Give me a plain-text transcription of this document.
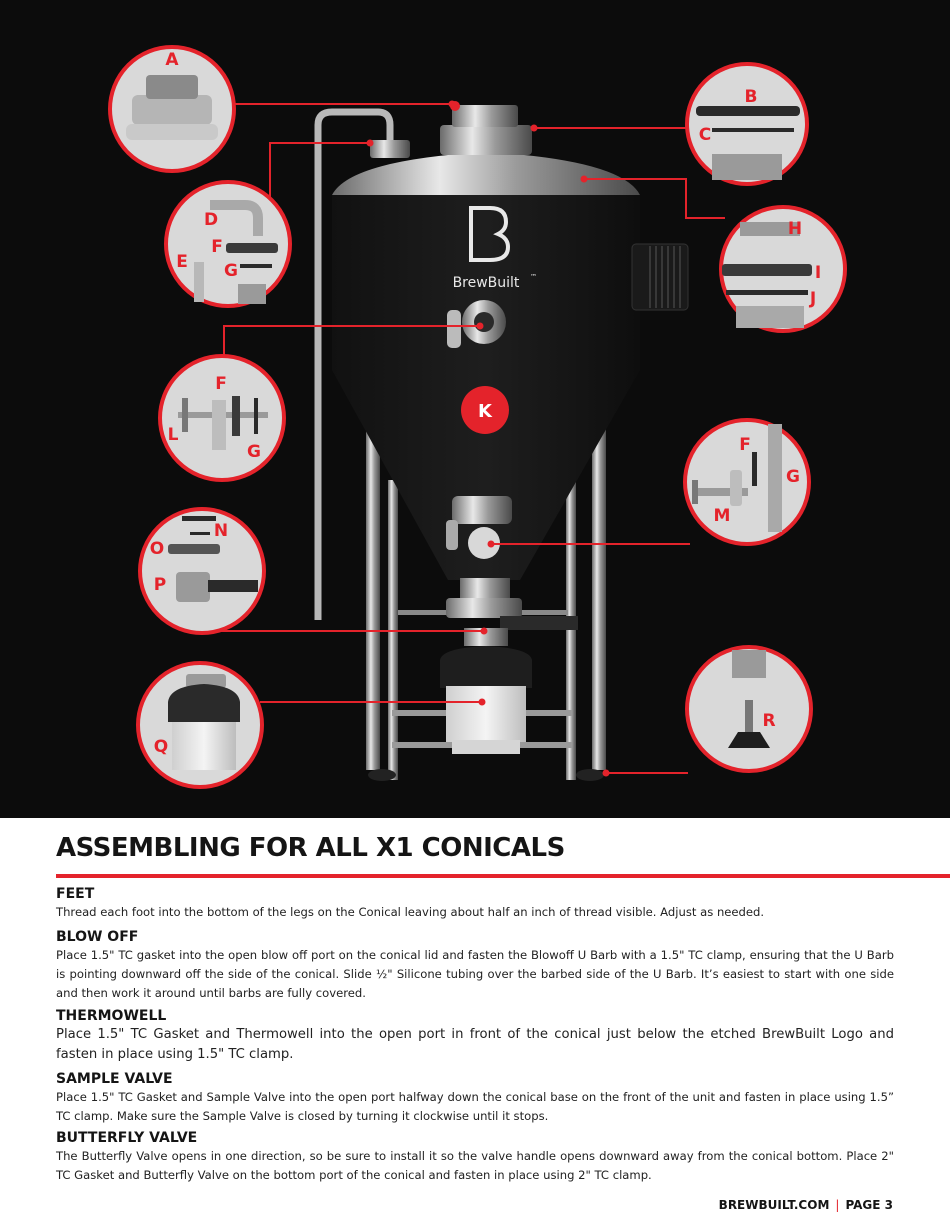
BrewBuilt ™
K
A
B
C
D
E
F
G
H
I
J
F
L
G	F
G
M
N
O
P
Q
R
ASSEMBLING FOR ALL X1 CONICALS
FEET

Thread each foot into the bottom of the legs on the Conical leaving about half an inch of thread visible. Adjust as needed.

BLOW OFF

Place 1.5" TC gasket into the open blow off port on the conical lid and fasten the Blowoff U Barb with a 1.5" TC clamp, ensuring that the U Barb is pointing downward off the side of the conical. Slide ½" Silicone tubing over the barbed side of the U Barb. It’s easiest to start with one side and then work it around until barbs are fully covered.

THERMOWELL

Place 1.5" TC Gasket and Thermowell into the open port in front of the conical just below the etched BrewBuilt Logo and fasten in place using 1.5" TC clamp.

SAMPLE VALVE

Place 1.5" TC Gasket and Sample Valve into the open port halfway down the conical base on the front of the unit and fasten in place using 1.5” TC clamp. Make sure the Sample Valve is closed by turning it clockwise until it stops.

BUTTERFLY VALVE

The Butterfly Valve opens in one direction, so be sure to install it so the valve handle opens downward away from the conical bottom. Place 2" TC Gasket and Butterfly Valve on the bottom port of the conical and fasten in place using 2" TC clamp.

BREWBUILT.COM | PAGE 3
